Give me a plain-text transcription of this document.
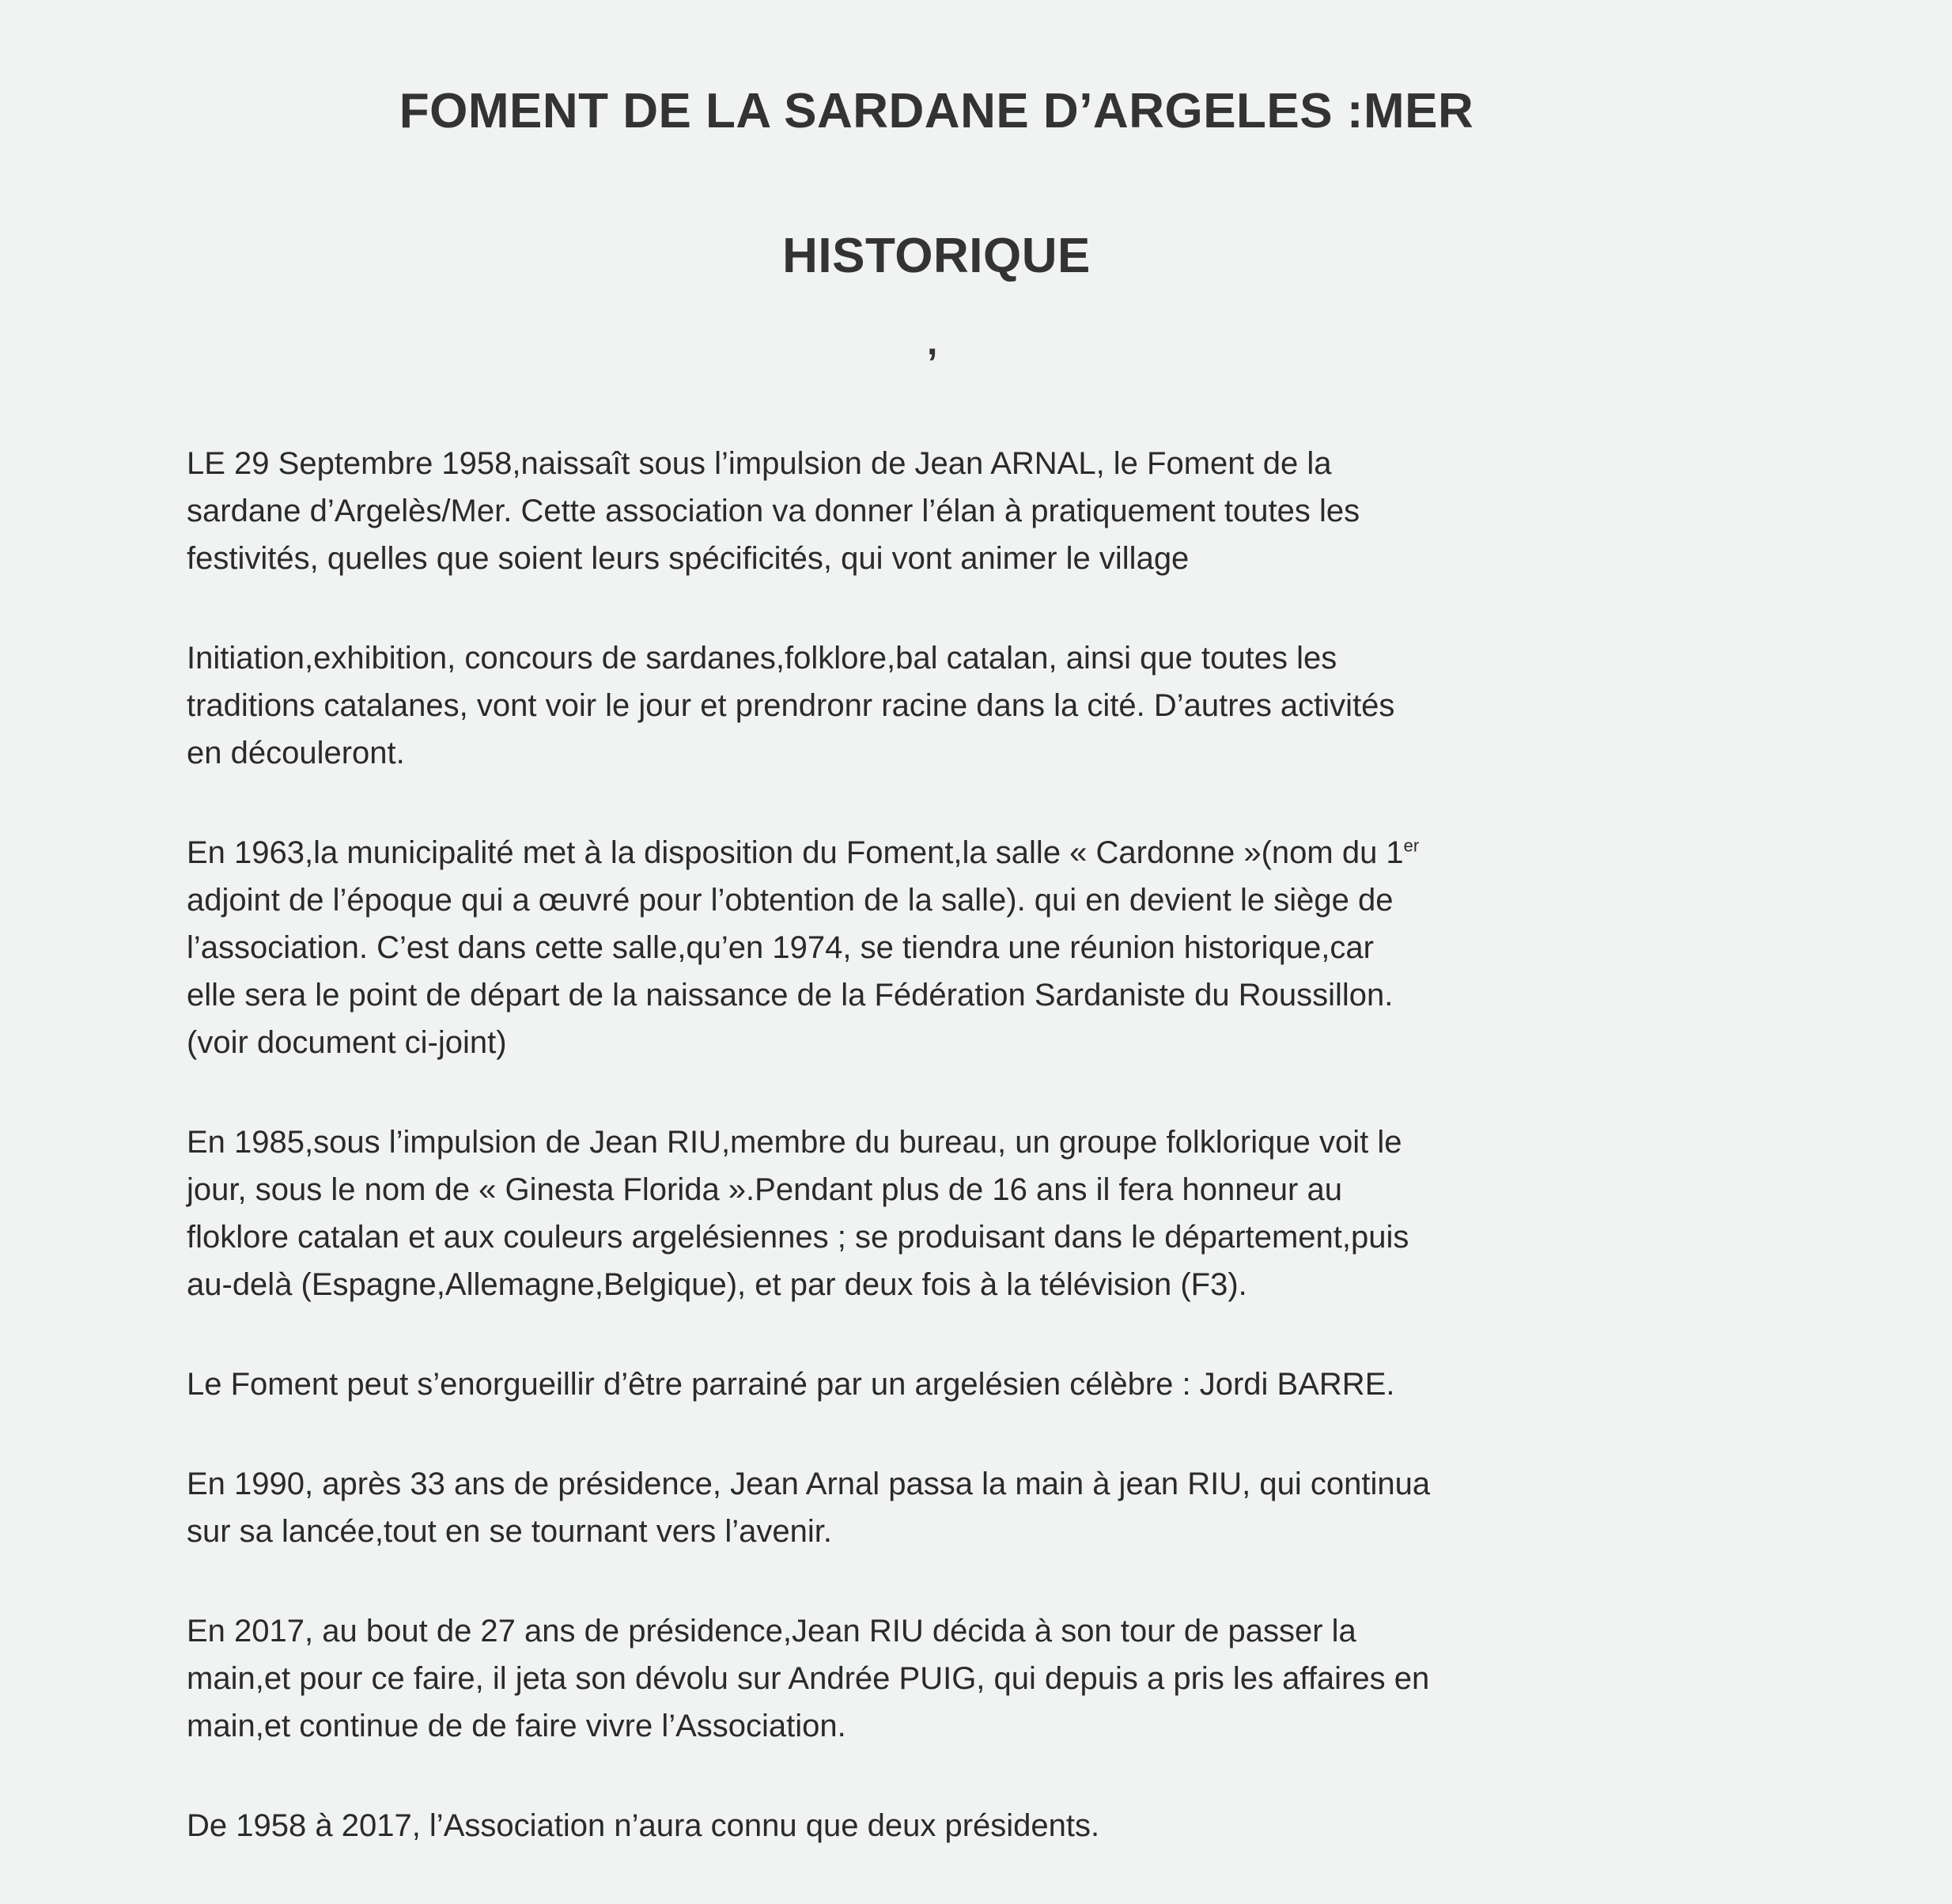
FOMENT DE LA SARDANE D’ARGELES :MER
HISTORIQUE
,
LE 29 Septembre 1958,naissaît sous l’impulsion de Jean ARNAL, le Foment de la
sardane d’Argelès/Mer. Cette association va donner l’élan à pratiquement toutes les
festivités, quelles que soient leurs spécificités, qui vont animer le village
Initiation,exhibition, concours de sardanes,folklore,bal catalan, ainsi que toutes les
traditions catalanes, vont voir le jour et prendronr racine dans la cité. D’autres activités
en découleront.
En 1963,la municipalité met à la disposition du Foment,la salle « Cardonne »(nom du 1er
adjoint de l’époque qui a œuvré pour l’obtention de la salle). qui en devient le siège de
l’association. C’est dans cette salle,qu’en 1974, se tiendra une réunion historique,car
elle sera le point de départ de la naissance de la Fédération Sardaniste du Roussillon.
(voir document ci-joint)
En 1985,sous l’impulsion de Jean RIU,membre du bureau, un groupe folklorique voit le
jour, sous le nom de « Ginesta Florida ».Pendant plus de 16 ans il fera honneur au
floklore catalan et aux couleurs argelésiennes ; se produisant dans le département,puis
au-delà (Espagne,Allemagne,Belgique), et par deux fois à la télévision (F3).
Le Foment peut s’enorgueillir d’être parrainé par un argelésien célèbre : Jordi BARRE.
En 1990, après 33 ans de présidence, Jean Arnal passa la main à jean RIU, qui continua
sur sa lancée,tout en se tournant vers l’avenir.
En 2017, au bout de 27 ans de présidence,Jean RIU décida à son tour de passer la
main,et pour ce faire, il jeta son dévolu sur Andrée PUIG, qui depuis a pris les affaires en
main,et continue de de faire vivre l’Association.
De 1958 à 2017, l’Association n’aura connu que deux présidents.
